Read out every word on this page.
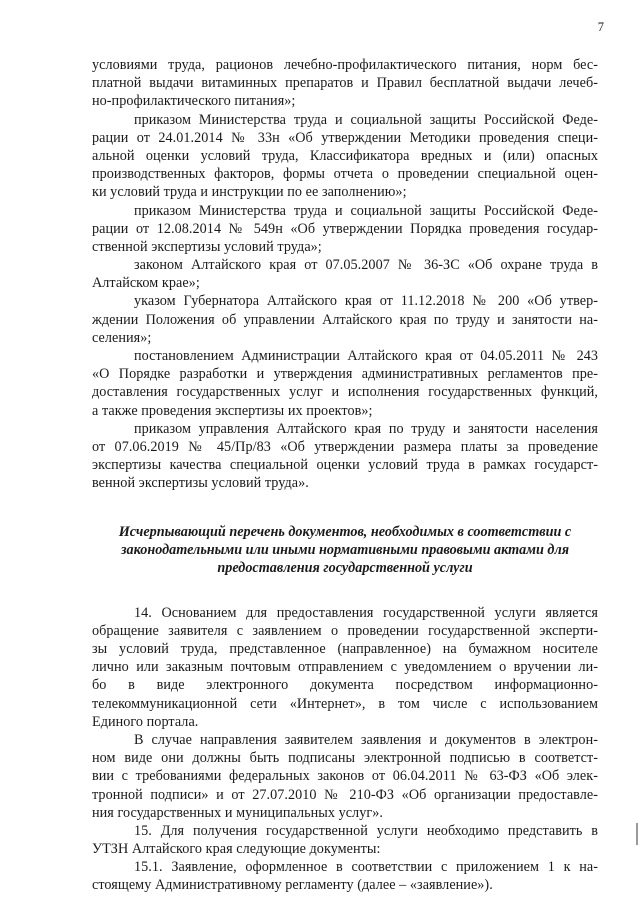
7
условиями труда, рационов лечебно-профилактического питания, норм бес-
платной выдачи витаминных препаратов и Правил бесплатной выдачи лечеб-
но-профилактического питания»;
приказом Министерства труда и социальной защиты Российской Феде-
рации от 24.01.2014 № 33н «Об утверждении Методики проведения специ-
альной оценки условий труда, Классификатора вредных и (или) опасных
производственных факторов, формы отчета о проведении специальной оцен-
ки условий труда и инструкции по ее заполнению»;
приказом Министерства труда и социальной защиты Российской Феде-
рации от 12.08.2014 № 549н «Об утверждении Порядка проведения государ-
ственной экспертизы условий труда»;
законом Алтайского края от 07.05.2007 № 36-ЗС «Об охране труда в
Алтайском крае»;
указом Губернатора Алтайского края от 11.12.2018 № 200 «Об утвер-
ждении Положения об управлении Алтайского края по труду и занятости на-
селения»;
постановлением Администрации Алтайского края от 04.05.2011 № 243
«О Порядке разработки и утверждения административных регламентов пре-
доставления государственных услуг и исполнения государственных функций,
а также проведения экспертизы их проектов»;
приказом управления Алтайского края по труду и занятости населения
от 07.06.2019 № 45/Пр/83 «Об утверждении размера платы за проведение
экспертизы качества специальной оценки условий труда в рамках государст-
венной экспертизы условий труда».
Исчерпывающий перечень документов, необходимых в соответствии с
законодательными или иными нормативными правовыми актами для
предоставления государственной услуги
14. Основанием для предоставления государственной услуги является
обращение заявителя с заявлением о проведении государственной эксперти-
зы условий труда, представленное (направленное) на бумажном носителе
лично или заказным почтовым отправлением с уведомлением о вручении ли-
бо в виде электронного документа посредством информационно-
телекоммуникационной сети «Интернет», в том числе с использованием
Единого портала.
В случае направления заявителем заявления и документов в электрон-
ном виде они должны быть подписаны электронной подписью в соответст-
вии с требованиями федеральных законов от 06.04.2011 № 63-ФЗ «Об элек-
тронной подписи» и от 27.07.2010 № 210-ФЗ «Об организации предоставле-
ния государственных и муниципальных услуг».
15. Для получения государственной услуги необходимо представить в
УТЗН Алтайского края следующие документы:
15.1. Заявление, оформленное в соответствии с приложением 1 к на-
стоящему Административному регламенту (далее – «заявление»).
